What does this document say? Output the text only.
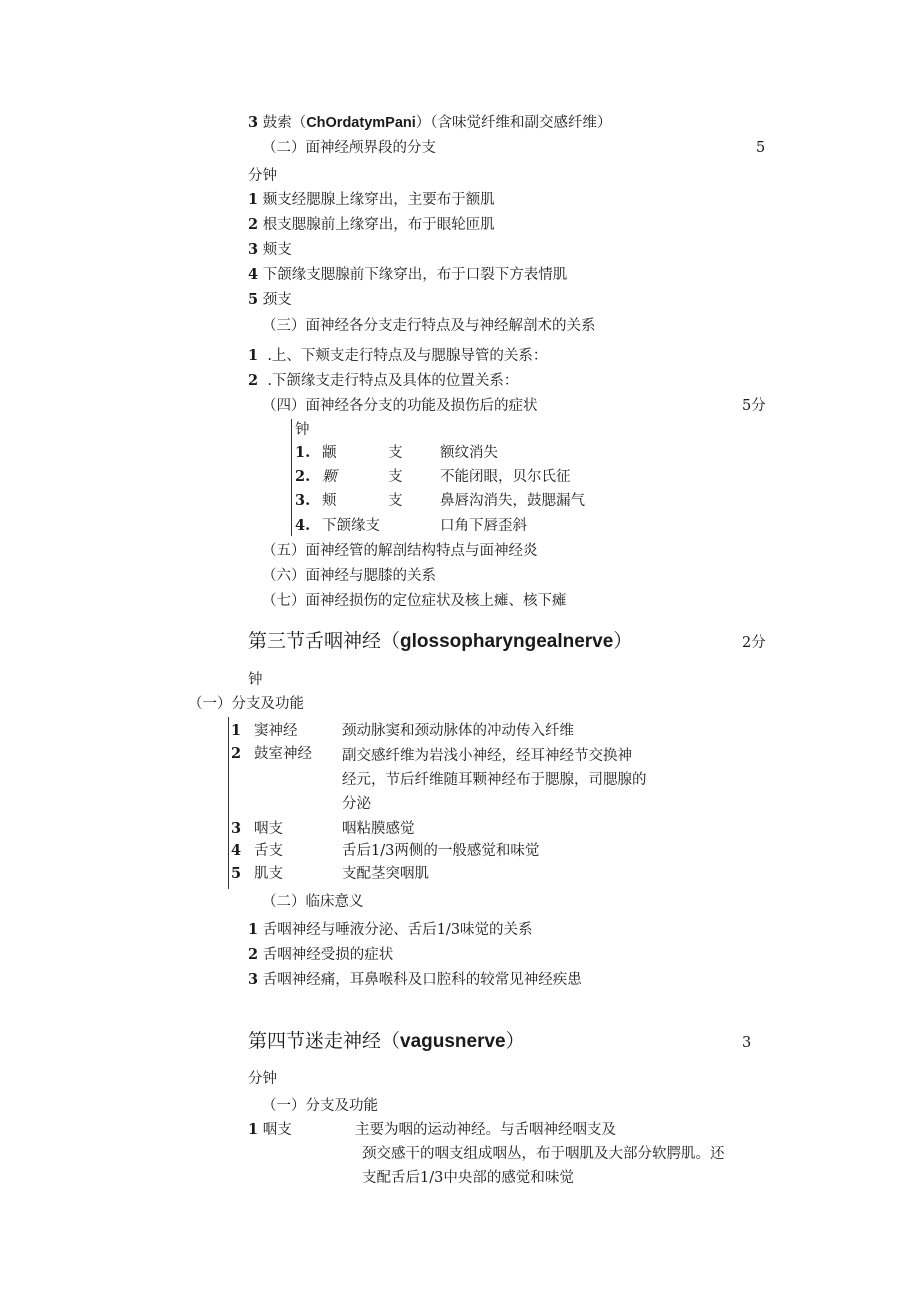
3 鼓索（ChOrdatymPani）（含味觉纤维和副交感纤维）
（二）面神经颅界段的分支	5
分钟
1 颞支经腮腺上缘穿出，主要布于额肌
2 根支腮腺前上缘穿出，布于眼轮匝肌
3 颊支
4 下颌缘支腮腺前下缘穿出，布于口裂下方表情肌
5 颈支
（三）面神经各分支走行特点及与神经解剖术的关系
1 .上、下颊支走行特点及与腮腺导管的关系：
2 .下颌缘支走行特点及具体的位置关系：
（四）面神经各分支的功能及损伤后的症状	5分
钟
1. 颛	支	额纹消失
2. 颗	支	不能闭眼，贝尔氏征
3. 颊	支	鼻唇沟消失，鼓腮漏气
4. 下颌缘支	口角下唇歪斜
（五）面神经管的解剖结构特点与面神经炎
（六）面神经与腮膝的关系
（七）面神经损伤的定位症状及核上瘫、核下瘫
第三节舌咽神经（glossopharyngealnerve）	2分
钟
（一）分支及功能
1 窦神经	颈动脉窦和颈动脉体的冲动传入纤维
2 鼓室神经 副交感纤维为岩浅小神经，经耳神经节交换神
经元，节后纤维随耳颗神经布于腮腺，司腮腺的
分泌
3 咽支	咽粘膜感觉
4 舌支	舌后1/3两侧的一般感觉和味觉
5 肌支	支配茎突咽肌
（二）临床意义
1 舌咽神经与唾液分泌、舌后1/3味觉的关系
2 舌咽神经受损的症状
3 舌咽神经痛，耳鼻喉科及口腔科的较常见神经疾患
第四节迷走神经（vagusnerve）	3
分钟
（一）分支及功能
1 咽支	主要为咽的运动神经。与舌咽神经咽支及
颈交感干的咽支组成咽丛，布于咽肌及大部分软腭肌。还
支配舌后1/3中央部的感觉和味觉
